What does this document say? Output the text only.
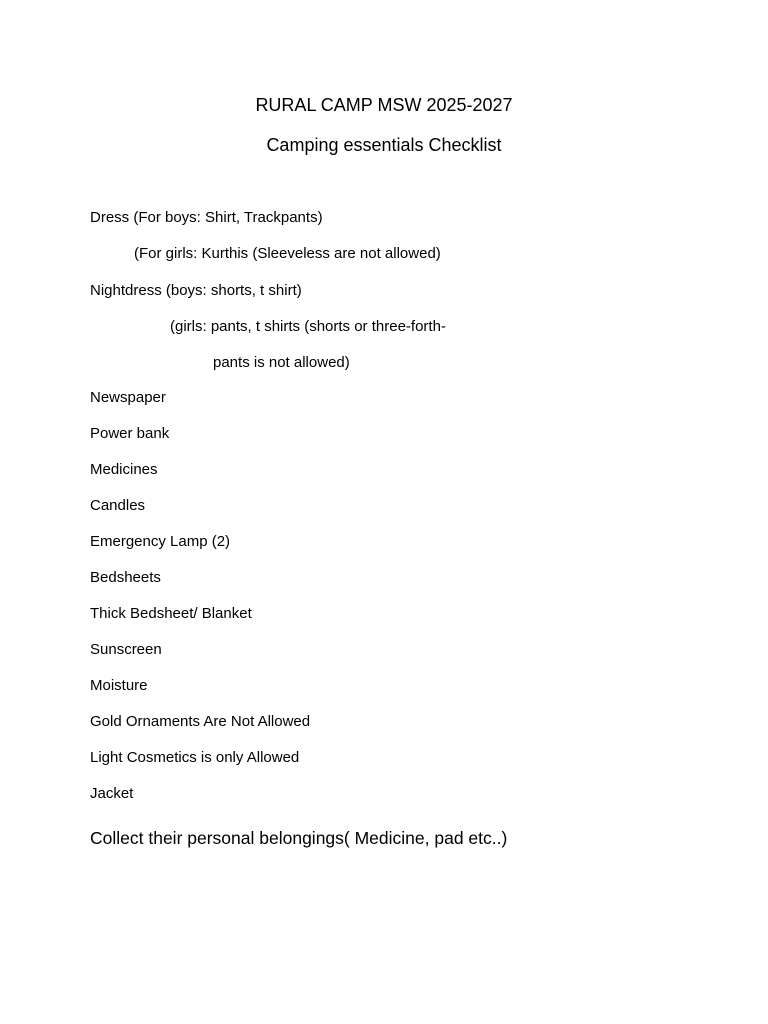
RURAL CAMP MSW 2025-2027
Camping essentials Checklist
Dress (For boys: Shirt, Trackpants)
(For girls: Kurthis (Sleeveless are not allowed)
Nightdress (boys: shorts, t shirt)
(girls: pants, t shirts (shorts or three-forth-
pants is not allowed)
Newspaper
Power bank
Medicines
Candles
Emergency Lamp (2)
Bedsheets
Thick Bedsheet/ Blanket
Sunscreen
Moisture
Gold Ornaments Are Not Allowed
Light Cosmetics is only Allowed
Jacket
Collect their personal belongings( Medicine, pad etc..)
